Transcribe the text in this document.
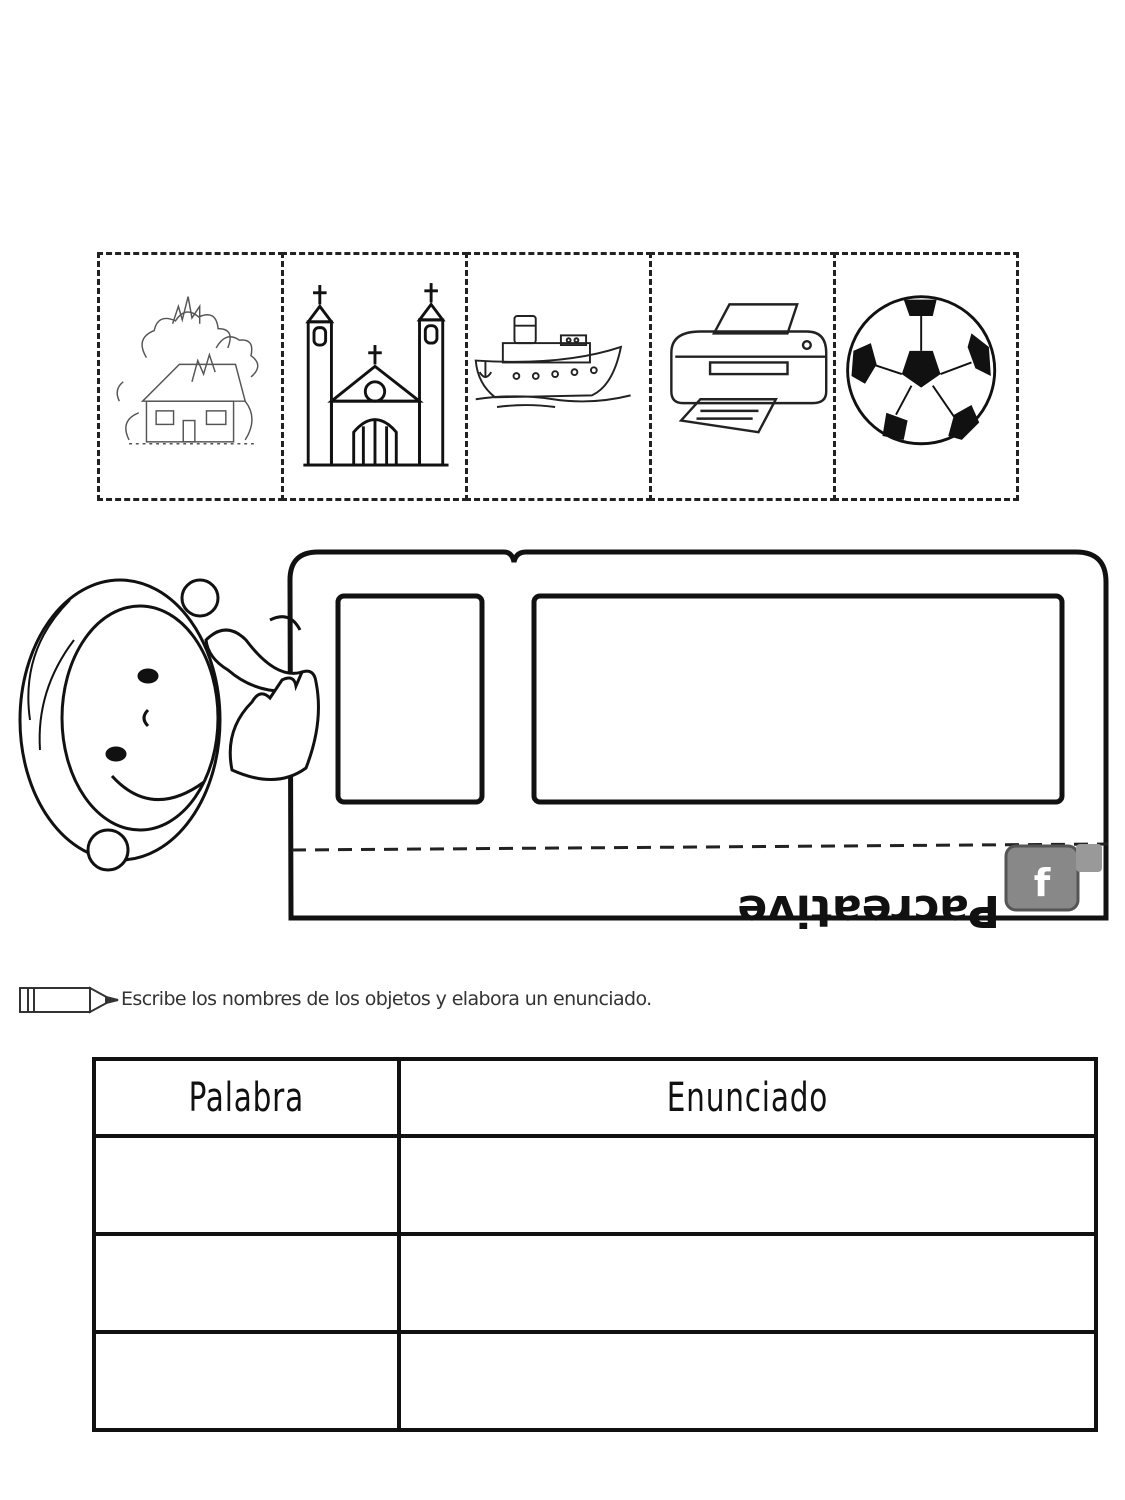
f
Pacreative
Escribe los nombres de los objetos y elabora un enunciado.
Palabra	Enunciado
